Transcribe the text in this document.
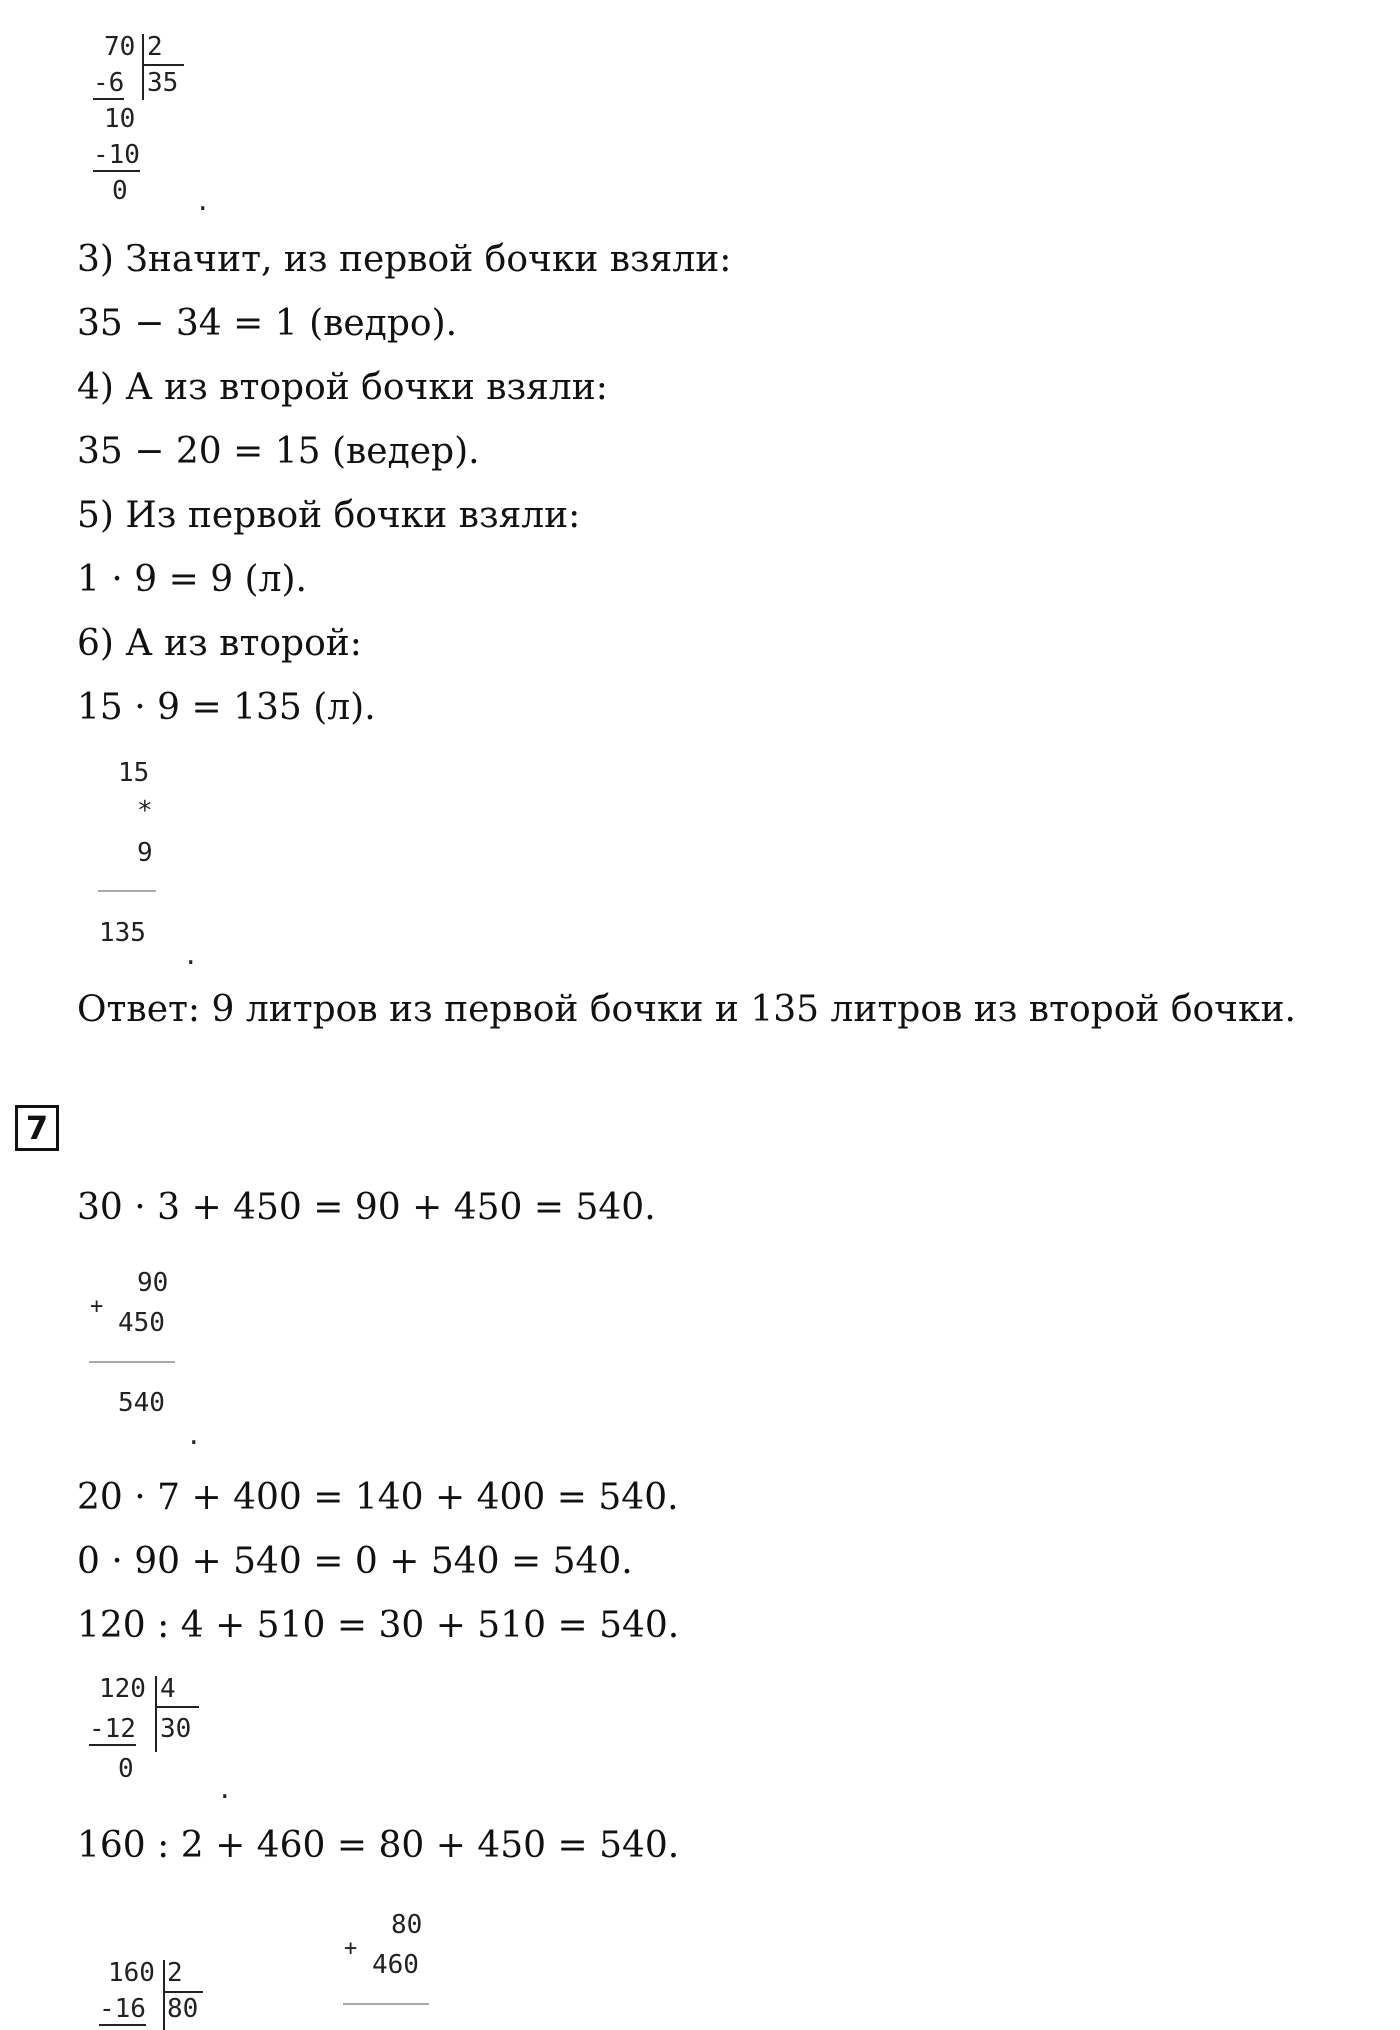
70 2
-6 35
10
-10
0 .
3) Значит, из первой бочки взяли:
35 − 34 = 1 (ведро).
4) А из второй бочки взяли:
35 − 20 = 15 (ведер).
5) Из первой бочки взяли:
1 · 9 = 9 (л).
6) А из второй:
15 · 9 = 135 (л).
15
*
9
135
.
Ответ: 9 литров из первой бочки и 135 литров из второй бочки.
7
30 · 3 + 450 = 90 + 450 = 540.
+
90
450
540
.
20 · 7 + 400 = 140 + 400 = 540.
0 · 90 + 540 = 0 + 540 = 540.
120 : 4 + 510 = 30 + 510 = 540.
120 4
-12 30
0
.
160 : 2 + 460 = 80 + 450 = 540.
160 2
-16 80
+
80
460
